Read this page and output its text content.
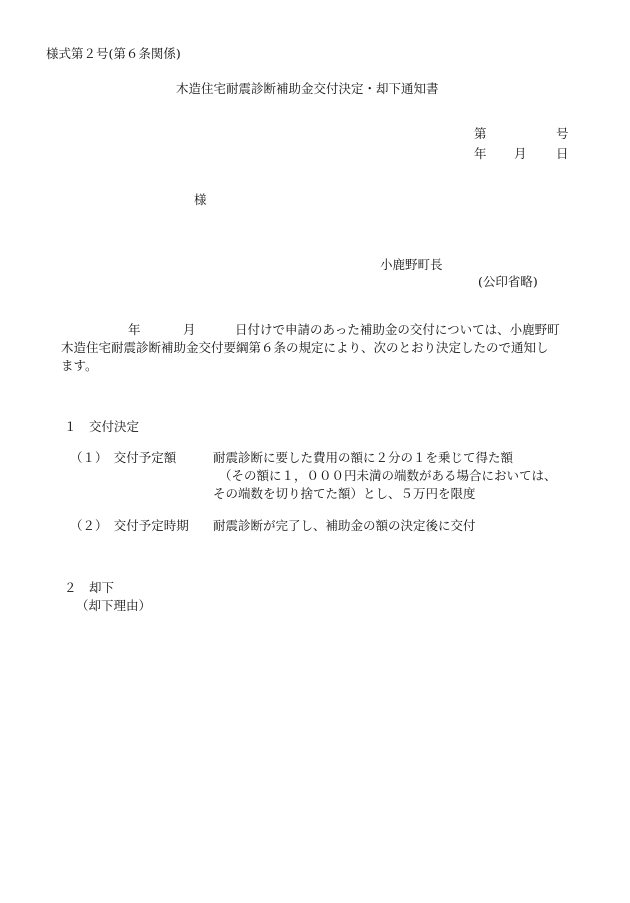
様式第２号(第６条関係)
木造住宅耐震診断補助金交付決定・却下通知書
第	号
年 月 日
様
小鹿野町長
(公印省略)
年	月	日付けで申請のあった補助金の交付については、小鹿野町
木造住宅耐震診断補助金交付要綱第６条の規定により、次のとおり決定したので通知し
ます。
１　交付決定
（１）　交付予定額	耐震診断に要した費用の額に２分の１を乗じて得た額
（その額に１，０００円未満の端数がある場合においては、
その端数を切り捨てた額）とし、５万円を限度
（２）　交付予定時期 耐震診断が完了し、補助金の額の決定後に交付
２　却下
（却下理由）
